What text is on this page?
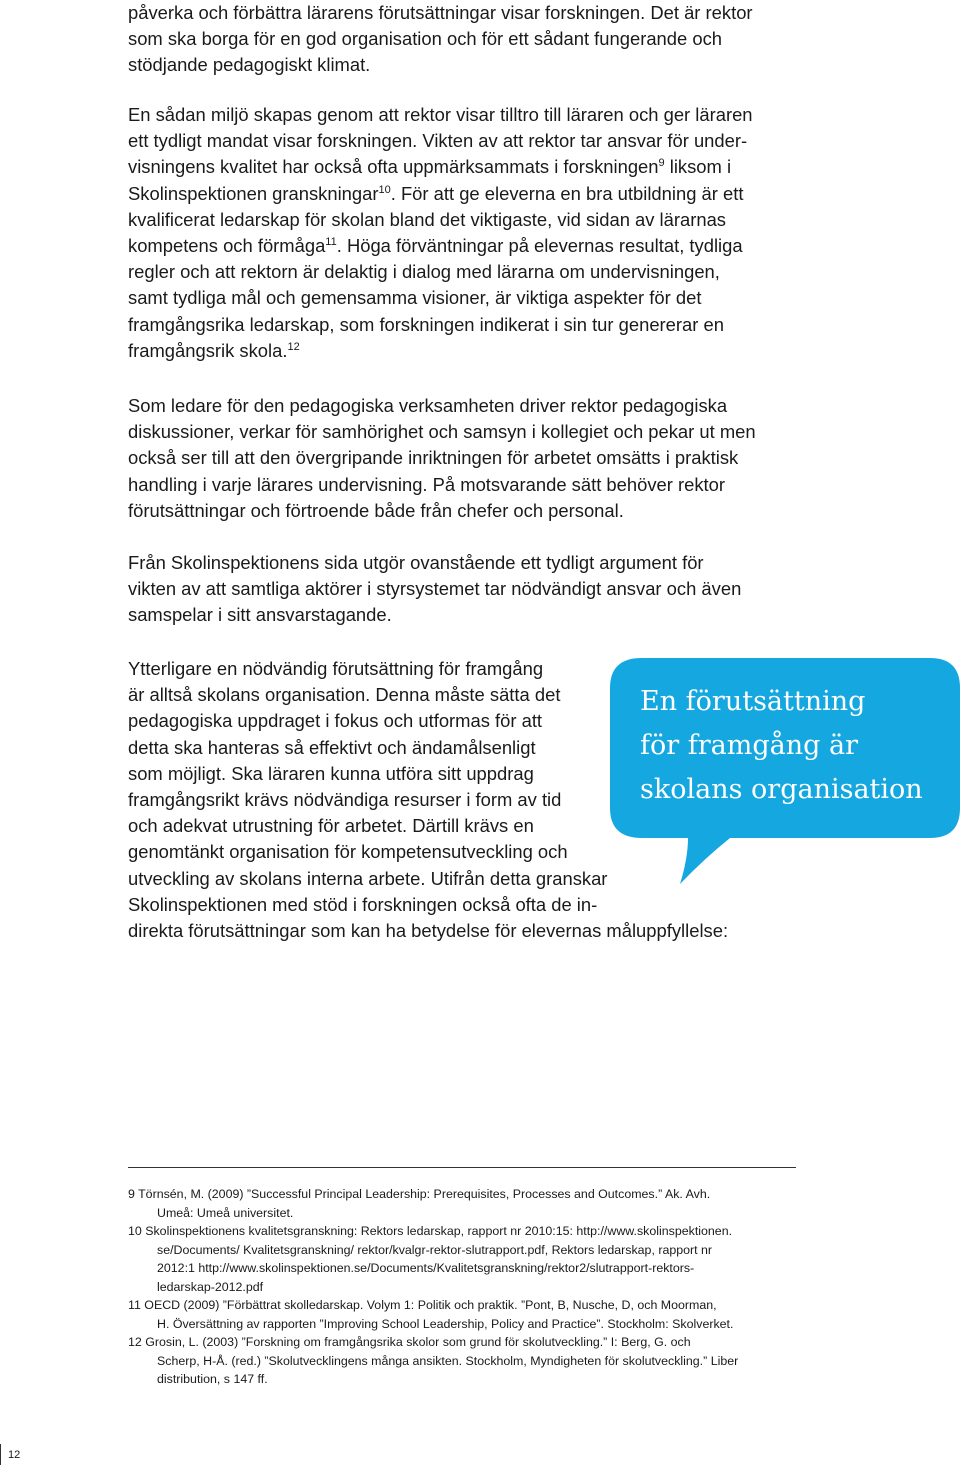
påverka och förbättra lärarens förutsättningar visar forskningen. Det är rektor
som ska borga för en god organisation och för ett sådant fungerande och
stödjande pedagogiskt klimat.

En sådan miljö skapas genom att rektor visar tilltro till läraren och ger läraren
ett tydligt mandat visar forskningen. Vikten av att rektor tar ansvar för under-
visningens kvalitet har också ofta uppmärksammats i forskningen$^9$ liksom i
Skolinspektionen granskningar$^{10}$. För att ge eleverna en bra utbildning är ett
kvalificerat ledarskap för skolan bland det viktigaste, vid sidan av lärarnas
kompetens och förmåga$^{11}$. Höga förväntningar på elevernas resultat, tydliga
regler och att rektorn är delaktig i dialog med lärarna om undervisningen,
samt tydliga mål och gemensamma visioner, är viktiga aspekter för det
framgångsrika ledarskap, som forskningen indikerat i sin tur genererar en
framgångsrik skola.$^{12}$

Som ledare för den pedagogiska verksamheten driver rektor pedagogiska
diskussioner, verkar för samhörighet och samsyn i kollegiet och pekar ut men
också ser till att den övergripande inriktningen för arbetet omsätts i praktisk
handling i varje lärares undervisning. På motsvarande sätt behöver rektor
förutsättningar och förtroende både från chefer och personal.

Från Skolinspektionens sida utgör ovanstående ett tydligt argument för
vikten av att samtliga aktörer i styrsystemet tar nödvändigt ansvar och även
samspelar i sitt ansvarstagande.

Ytterligare en nödvändig förutsättning för framgång
är alltså skolans organisation. Denna måste sätta det
pedagogiska uppdraget i fokus och utformas för att
detta ska hanteras så effektivt och ändamålsenligt
som möjligt. Ska läraren kunna utföra sitt uppdrag
framgångsrikt krävs nödvändiga resurser i form av tid
och adekvat utrustning för arbetet. Därtill krävs en
genomtänkt organisation för kompetensutveckling och
utveckling av skolans interna arbete. Utifrån detta granskar
Skolinspektionen med stöd i forskningen också ofta de in-
direkta förutsättningar som kan ha betydelse för elevernas måluppfyllelse:

En förutsättning
för framgång är
skolans organisation
9 Törnsén, M. (2009) ”Successful Principal Leadership: Prerequisites, Processes and Outcomes.” Ak. Avh.
Umeå: Umeå universitet.
10 Skolinspektionens kvalitetsgranskning: Rektors ledarskap, rapport nr 2010:15: http://www.skolinspektionen.
se/Documents/ Kvalitetsgranskning/ rektor/kvalgr-rektor-slutrapport.pdf, Rektors ledarskap, rapport nr
2012:1 http://www.skolinspektionen.se/Documents/Kvalitetsgranskning/rektor2/slutrapport-rektors-
ledarskap-2012.pdf
11 OECD (2009) ”Förbättrat skolledarskap. Volym 1: Politik och praktik. ”Pont, B, Nusche, D, och Moorman,
H. Översättning av rapporten ”Improving School Leadership, Policy and Practice”. Stockholm: Skolverket.
12 Grosin, L. (2003) ”Forskning om framgångsrika skolor som grund för skolutveckling.” I: Berg, G. och
Scherp, H-Å. (red.) ”Skolutvecklingens många ansikten. Stockholm, Myndigheten för skolutveckling.” Liber
distribution, s 147 ff.
12
